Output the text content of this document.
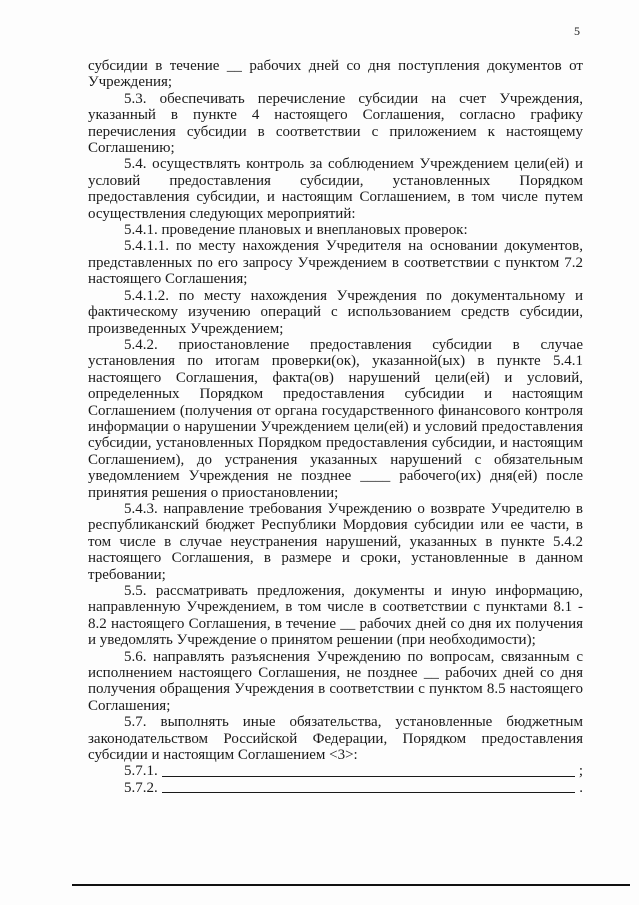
5

субсидии в течение __ рабочих дней со дня поступления документов от Учреждения;

5.3. обеспечивать перечисление субсидии на счет Учреждения, указанный в пункте 4 настоящего Соглашения, согласно графику перечисления субсидии в соответствии с приложением к настоящему Соглашению;

5.4. осуществлять контроль за соблюдением Учреждением цели(ей) и условий предоставления субсидии, установленных Порядком предоставления субсидии, и настоящим Соглашением, в том числе путем осуществления следующих мероприятий:

5.4.1. проведение плановых и внеплановых проверок:

5.4.1.1. по месту нахождения Учредителя на основании документов, представленных по его запросу Учреждением в соответствии с пунктом 7.2 настоящего Соглашения;

5.4.1.2. по месту нахождения Учреждения по документальному и фактическому изучению операций с использованием средств субсидии, произведенных Учреждением;

5.4.2. приостановление предоставления субсидии в случае установления по итогам проверки(ок), указанной(ых) в пункте 5.4.1 настоящего Соглашения, факта(ов) нарушений цели(ей) и условий, определенных Порядком предоставления субсидии и настоящим Соглашением (получения от органа государственного финансового контроля информации о нарушении Учреждением цели(ей) и условий предоставления субсидии, установленных Порядком предоставления субсидии, и настоящим Соглашением), до устранения указанных нарушений с обязательным уведомлением Учреждения не позднее ____ рабочего(их) дня(ей) после принятия решения о приостановлении;

5.4.3. направление требования Учреждению о возврате Учредителю в республиканский бюджет Республики Мордовия субсидии или ее части, в том числе в случае неустранения нарушений, указанных в пункте 5.4.2 настоящего Соглашения, в размере и сроки, установленные в данном требовании;

5.5. рассматривать предложения, документы и иную информацию, направленную Учреждением, в том числе в соответствии с пунктами 8.1 - 8.2 настоящего Соглашения, в течение __ рабочих дней со дня их получения и уведомлять Учреждение о принятом решении (при необходимости);

5.6. направлять разъяснения Учреждению по вопросам, связанным с исполнением настоящего Соглашения, не позднее __ рабочих дней со дня получения обращения Учреждения в соответствии с пунктом 8.5 настоящего Соглашения;

5.7. выполнять иные обязательства, установленные бюджетным законодательством Российской Федерации, Порядком предоставления субсидии и настоящим Соглашением <3>:

5.7.1.	;
5.7.2.	.
